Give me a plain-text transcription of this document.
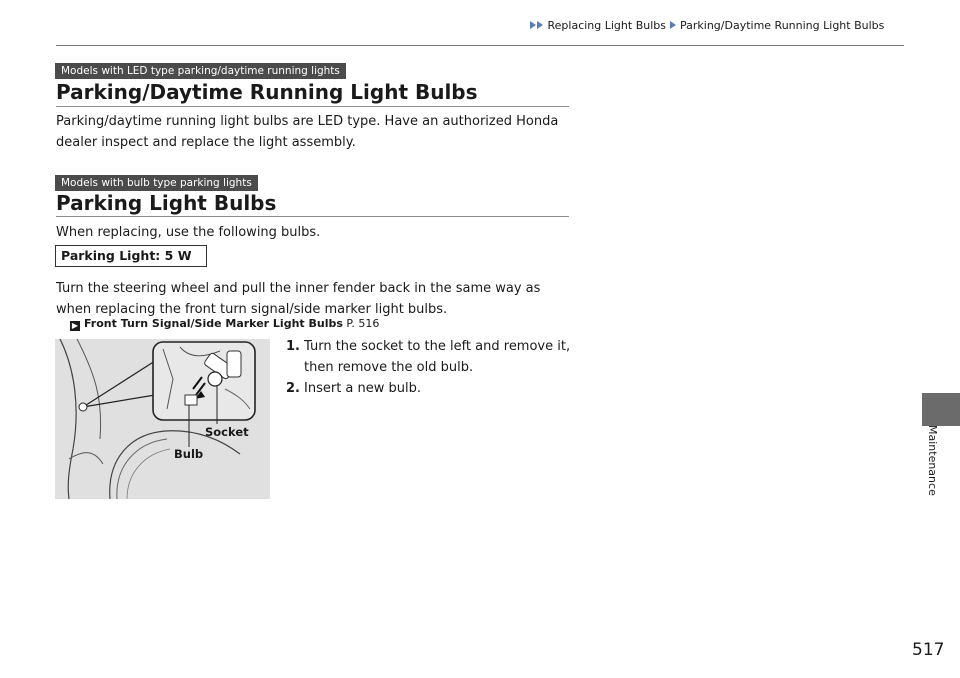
Replacing Light Bulbs Parking/Daytime Running Light Bulbs
Models with LED type parking/daytime running lights
Parking/Daytime Running Light Bulbs
Parking/daytime running light bulbs are LED type. Have an authorized Honda dealer inspect and replace the light assembly.
Models with bulb type parking lights
Parking Light Bulbs
When replacing, use the following bulbs.
Parking Light: 5 W
Turn the steering wheel and pull the inner fender back in the same way as when replacing the front turn signal/side marker light bulbs.
▶ Front Turn Signal/Side Marker Light Bulbs P. 516
Socket
Bulb
1. Turn the socket to the left and remove it, then remove the old bulb.
2. Insert a new bulb.
Maintenance
517
